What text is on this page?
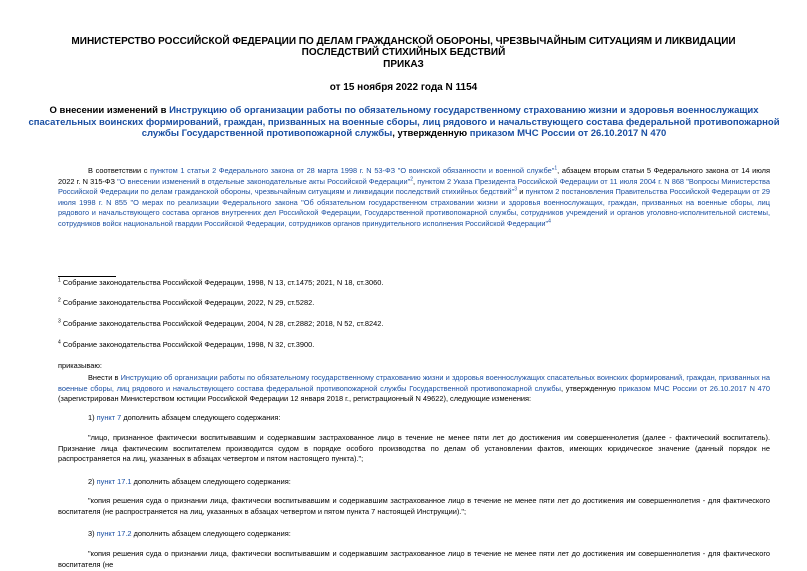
МИНИСТЕРСТВО РОССИЙСКОЙ ФЕДЕРАЦИИ ПО ДЕЛАМ ГРАЖДАНСКОЙ ОБОРОНЫ, ЧРЕЗВЫЧАЙНЫМ СИТУАЦИЯМ И ЛИКВИДАЦИИ ПОСЛЕДСТВИЙ СТИХИЙНЫХ БЕДСТВИЙ
ПРИКАЗ
от 15 ноября 2022 года N 1154
О внесении изменений в Инструкцию об организации работы по обязательному государственному страхованию жизни и здоровья военнослужащих спасательных воинских формирований, граждан, призванных на военные сборы, лиц рядового и начальствующего состава федеральной противопожарной службы Государственной противопожарной службы, утвержденную приказом МЧС России от 26.10.2017 N 470
В соответствии с пунктом 1 статьи 2 Федерального закона от 28 марта 1998 г. N 53-ФЗ "О воинской обязанности и военной службе"$^1$, абзацем вторым статьи 5 Федерального закона от 14 июля 2022 г. N 315-ФЗ "О внесении изменений в отдельные законодательные акты Российской Федерации"$^2$, пунктом 2 Указа Президента Российской Федерации от 11 июля 2004 г. N 868 "Вопросы Министерства Российской Федерации по делам гражданской обороны, чрезвычайным ситуациям и ликвидации последствий стихийных бедствий"$^3$ и пунктом 2 постановления Правительства Российской Федерации от 29 июля 1998 г. N 855 "О мерах по реализации Федерального закона "Об обязательном государственном страховании жизни и здоровья военнослужащих, граждан, призванных на военные сборы, лиц рядового и начальствующего состава органов внутренних дел Российской Федерации, Государственной противопожарной службы, сотрудников учреждений и органов уголовно-исполнительной системы, сотрудников войск национальной гвардии Российской Федерации, сотрудников органов принудительного исполнения Российской Федерации"$^4$
$^1$ Собрание законодательства Российской Федерации, 1998, N 13, ст.1475; 2021, N 18, ст.3060.
$^2$ Собрание законодательства Российской Федерации, 2022, N 29, ст.5282.
$^3$ Собрание законодательства Российской Федерации, 2004, N 28, ст.2882; 2018, N 52, ст.8242.
$^4$ Собрание законодательства Российской Федерации, 1998, N 32, ст.3900.
приказываю:
Внести в Инструкцию об организации работы по обязательному государственному страхованию жизни и здоровья военнослужащих спасательных воинских формирований, граждан, призванных на военные сборы, лиц рядового и начальствующего состава федеральной противопожарной службы Государственной противопожарной службы, утвержденную приказом МЧС России от 26.10.2017 N 470 (зарегистрирован Министерством юстиции Российской Федерации 12 января 2018 г., регистрационный N 49622), следующие изменения:
1) пункт 7 дополнить абзацем следующего содержания:
"лицо, признанное фактически воспитывавшим и содержавшим застрахованное лицо в течение не менее пяти лет до достижения им совершеннолетия (далее - фактический воспитатель). Признание лица фактическим воспитателем производится судом в порядке особого производства по делам об установлении фактов, имеющих юридическое значение (данный порядок не распространяется на лиц, указанных в абзацах четвертом и пятом настоящего пункта).";
2) пункт 17.1 дополнить абзацем следующего содержания:
"копия решения суда о признании лица, фактически воспитывавшим и содержавшим застрахованное лицо в течение не менее пяти лет до достижения им совершеннолетия - для фактического воспитателя (не распространяется на лиц, указанных в абзацах четвертом и пятом пункта 7 настоящей Инструкции).";
3) пункт 17.2 дополнить абзацем следующего содержания:
"копия решения суда о признании лица, фактически воспитывавшим и содержавшим застрахованное лицо в течение не менее пяти лет до достижения им совершеннолетия - для фактического воспитателя (не
